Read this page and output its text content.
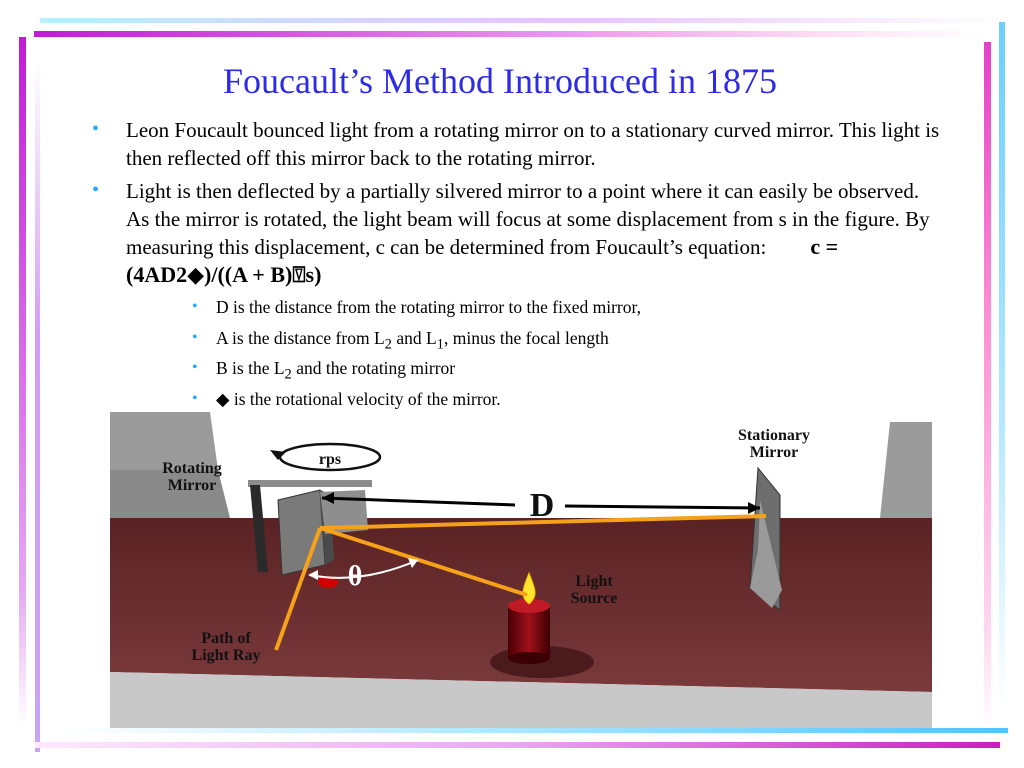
Foucault’s Method Introduced in 1875
• Leon Foucault bounced light from a rotating mirror on to a stationary curved mirror. This light is then reflected off this mirror back to the rotating mirror.
• Light is then deflected by a partially silvered mirror to a point where it can easily be observed. As the mirror is rotated, the light beam will focus at some displacement from s in the figure. By measuring this displacement, c can be determined from Foucault’s equation: c = (4AD2◆)/((A + B)⍔s)
• D is the distance from the rotating mirror to the fixed mirror,
• A is the distance from $L_2$ and $L_1$, minus the focal length
• B is the $L_2$ and the rotating mirror
• ◆ is the rotational velocity of the mirror.
rps
Rotating
Mirror
Stationary
Mirror
D
θ	Light
Source
Path of
Light Ray
